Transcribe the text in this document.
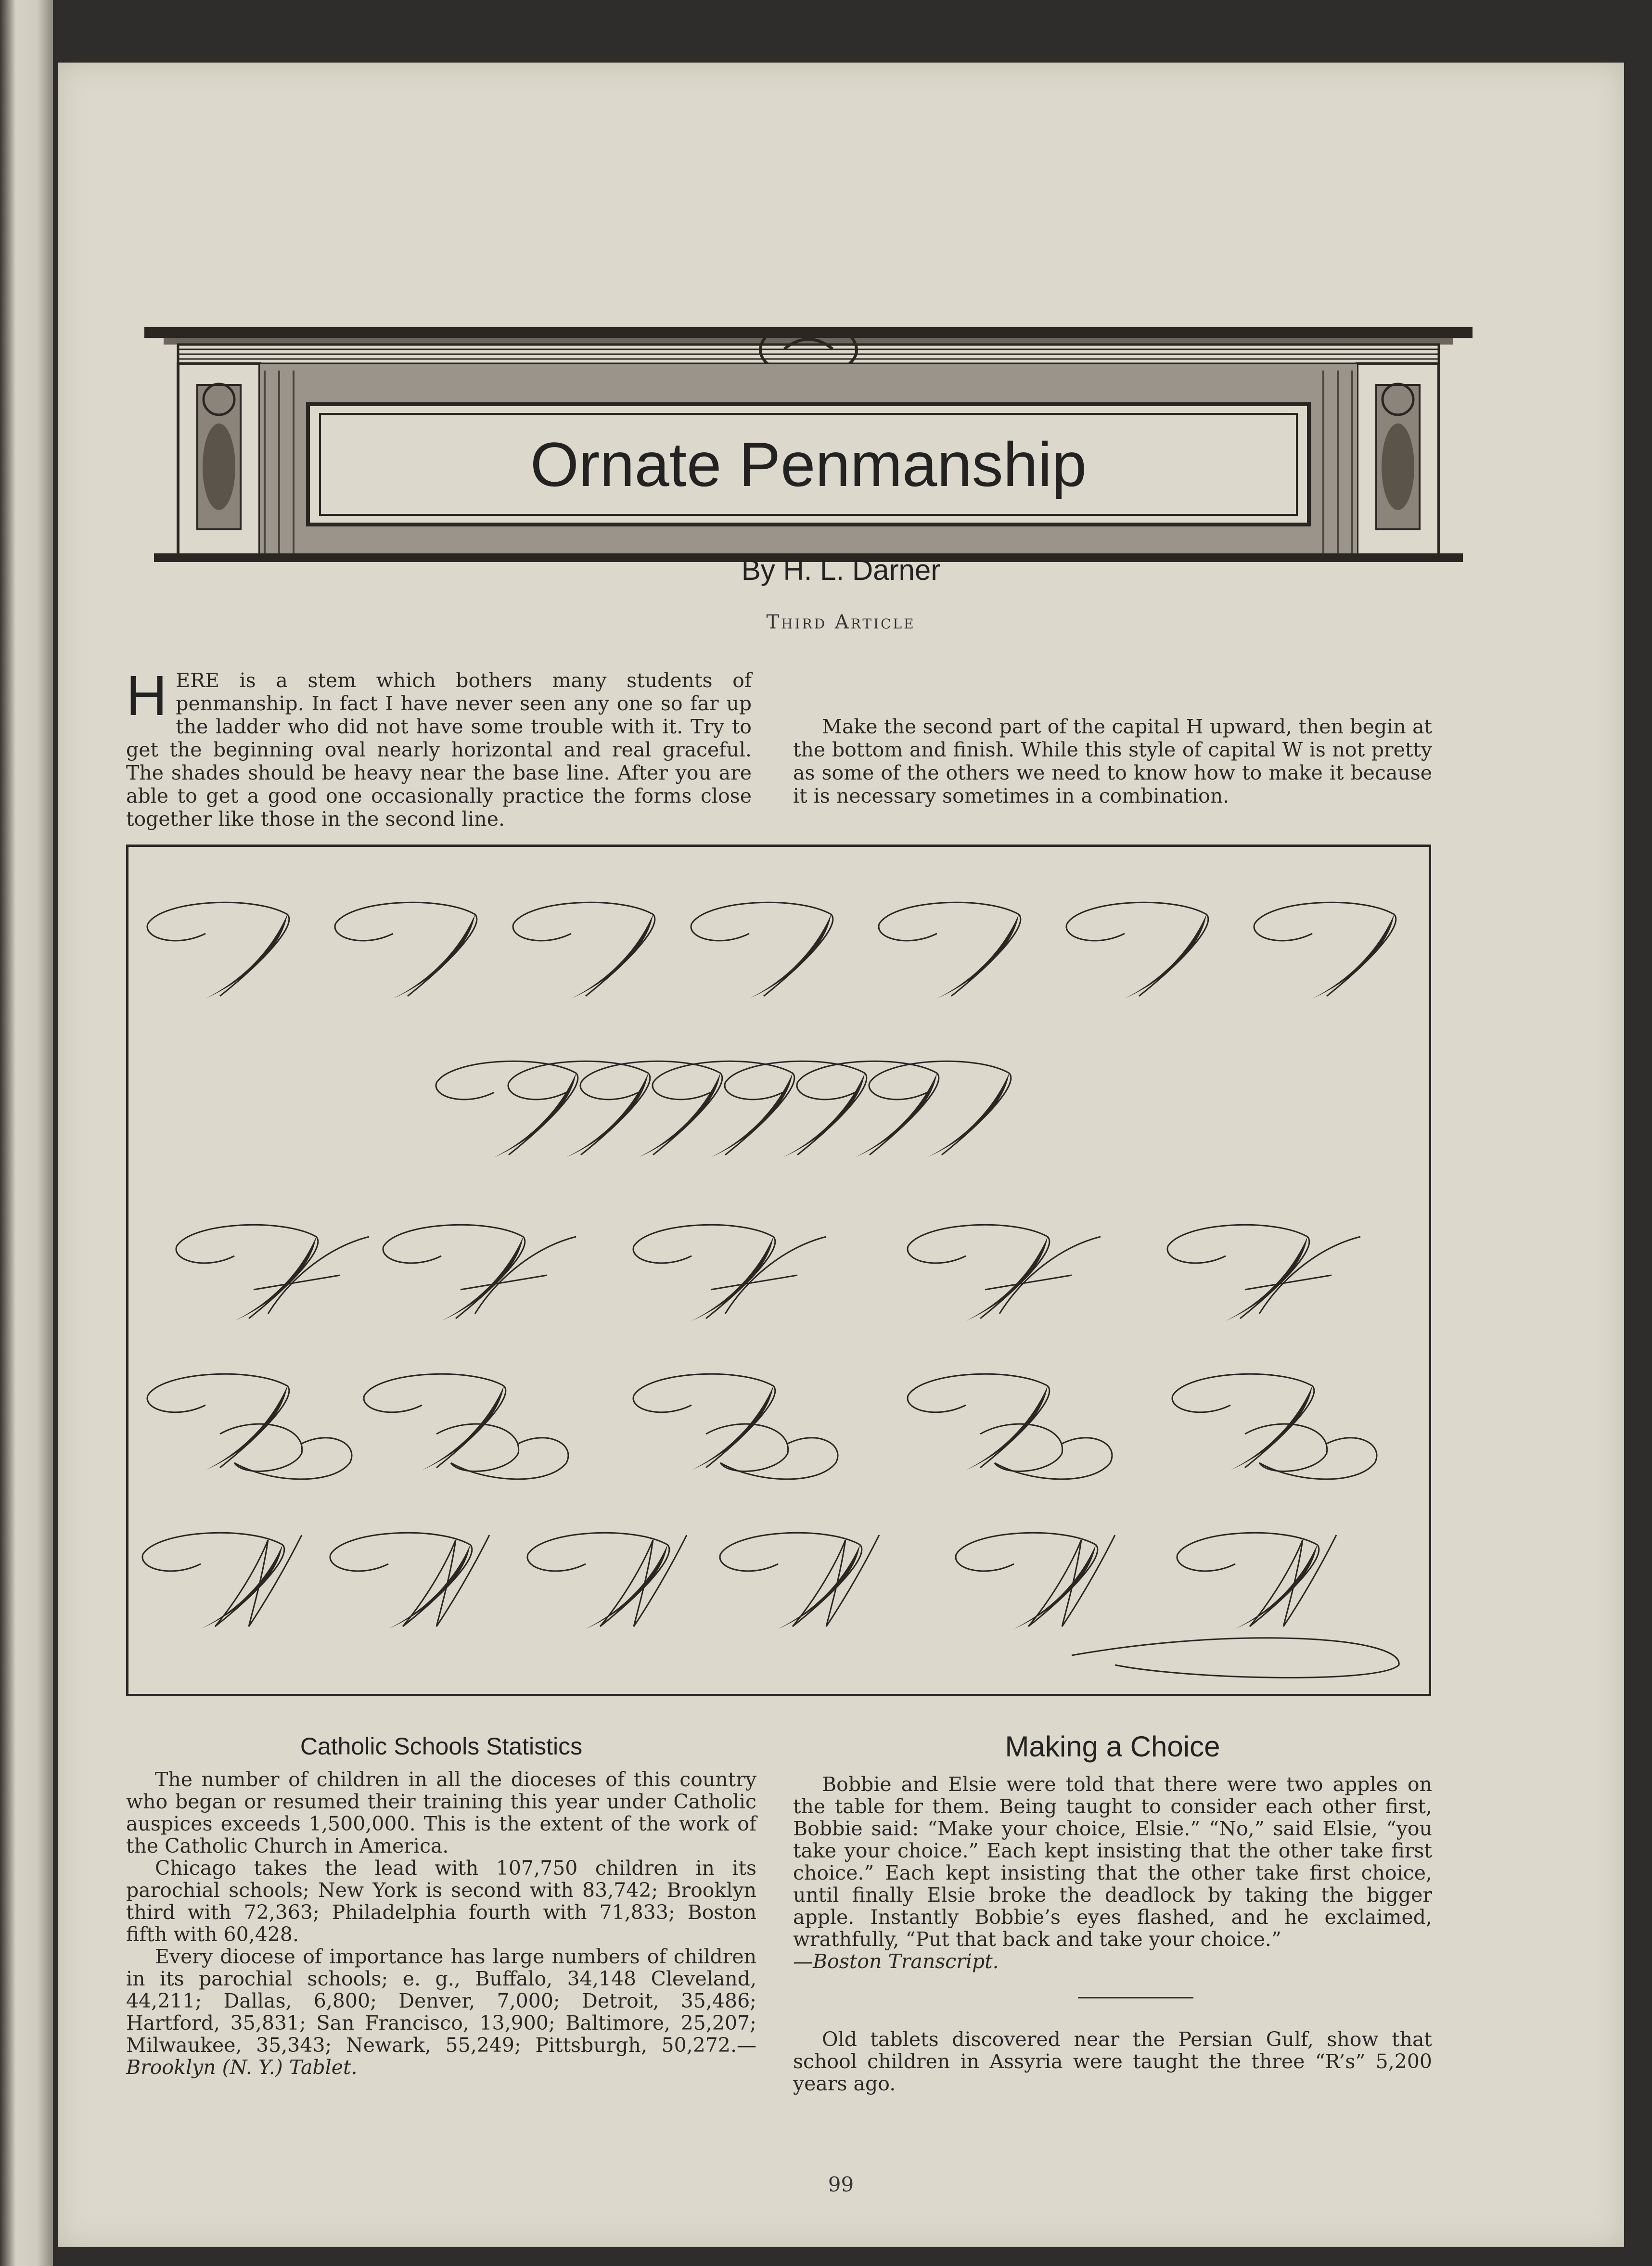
Ornate Penmanship
By H. L. Darner
Third Article

H ERE is a stem which bothers many students of penmanship. In fact I have never seen any one so far up the ladder who did not have some trouble with it. Try to get the beginning oval nearly horizontal and real graceful. The shades should be heavy near the base line. After you are able to get a good one occasionally practice the forms close together like those in the second line.

Make the second part of the capital H upward, then begin at the bottom and finish. While this style of capital W is not pretty as some of the others we need to know how to make it because it is necessary sometimes in a combination.

Catholic Schools Statistics

The number of children in all the dioceses of this country who began or resumed their training this year under Catholic auspices exceeds 1,500,000. This is the extent of the work of the Catholic Church in America.

Chicago takes the lead with 107,750 children in its parochial schools; New York is second with 83,742; Brooklyn third with 72,363; Philadelphia fourth with 71,833; Boston fifth with 60,428.

Every diocese of importance has large numbers of children in its parochial schools; e. g., Buffalo, 34,148 Cleveland, 44,211; Dallas, 6,800; Denver, 7,000; Detroit, 35,486; Hartford, 35,831; San Francisco, 13,900; Baltimore, 25,207; Milwaukee, 35,343; Newark, 55,249; Pittsburgh, 50,272.—Brooklyn (N. Y.) Tablet.

Making a Choice

Bobbie and Elsie were told that there were two apples on the table for them. Being taught to consider each other first, Bobbie said: “Make your choice, Elsie.” “No,” said Elsie, “you take your choice.” Each kept insisting that the other take first choice.” Each kept insisting that the other take first choice, until finally Elsie broke the deadlock by taking the bigger apple. Instantly Bobbie’s eyes flashed, and he exclaimed, wrathfully, “Put that back and take your choice.”

—Boston Transcript.

Old tablets discovered near the Persian Gulf, show that school children in Assyria were taught the three “R’s” 5,200 years ago.

99
